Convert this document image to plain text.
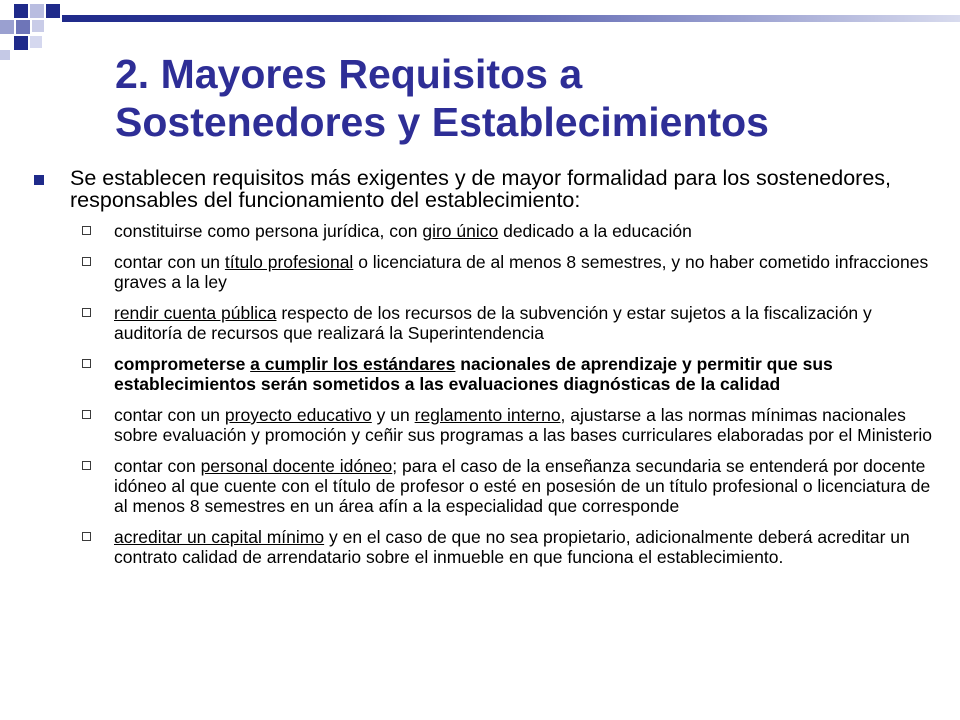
2. Mayores Requisitos a
Sostenedores y Establecimientos
Se establecen requisitos más exigentes y de mayor formalidad para los sostenedores, responsables del funcionamiento del establecimiento:
constituirse como persona jurídica, con giro único dedicado a la educación
contar con un título profesional o licenciatura de al menos 8 semestres, y no haber cometido infracciones graves a la ley
rendir cuenta pública respecto de los recursos de la subvención y estar sujetos a la fiscalización y auditoría de recursos que realizará la Superintendencia
comprometerse a cumplir los estándares nacionales de aprendizaje y permitir que sus establecimientos serán sometidos a las evaluaciones diagnósticas de la calidad
contar con un proyecto educativo y un reglamento interno, ajustarse a las normas mínimas nacionales sobre evaluación y promoción y ceñir sus programas a las bases curriculares elaboradas por el Ministerio
contar con personal docente idóneo; para el caso de la enseñanza secundaria se entenderá por docente idóneo al que cuente con el título de profesor o esté en posesión de un título profesional o licenciatura de al menos 8 semestres en un área afín a la especialidad que corresponde
acreditar un capital mínimo y en el caso de que no sea propietario, adicionalmente deberá acreditar un contrato calidad de arrendatario sobre el inmueble en que funciona el establecimiento.
